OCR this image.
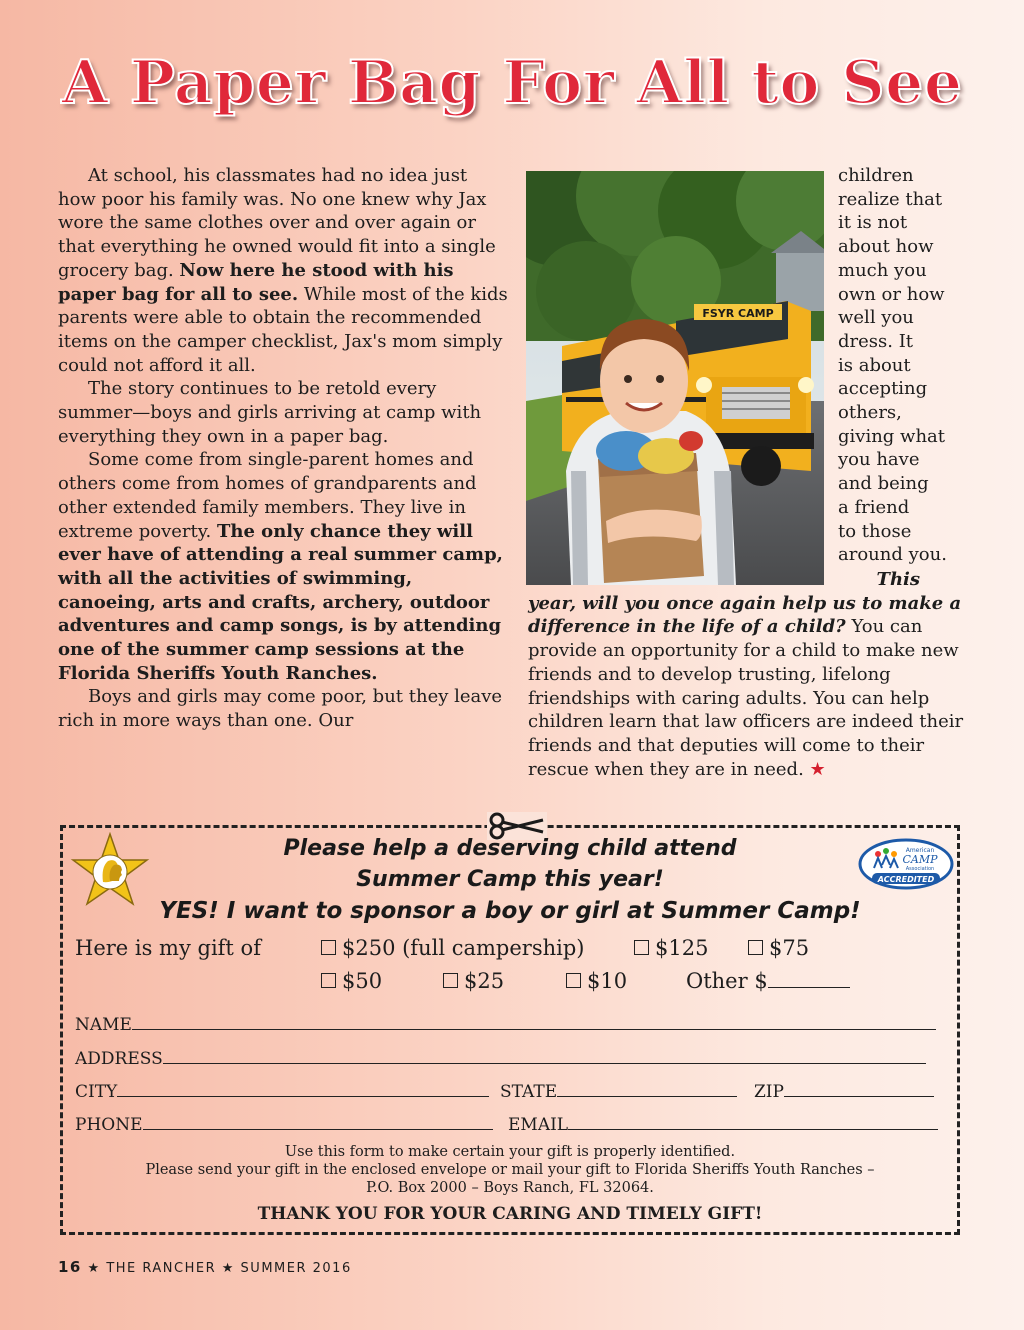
A Paper Bag For All to See

At school, his classmates had no idea just how poor his family was. No one knew why Jax wore the same clothes over and over again or that everything he owned would fit into a single grocery bag. Now here he stood with his paper bag for all to see. While most of the kids parents were able to obtain the recommended items on the camper checklist, Jax's mom simply could not afford it all.

The story continues to be retold every summer—boys and girls arriving at camp with everything they own in a paper bag.

Some come from single-parent homes and others come from homes of grandparents and other extended family members. They live in extreme poverty. The only chance they will ever have of attending a real summer camp, with all the activities of swimming, canoeing, arts and crafts, archery, outdoor adventures and camp songs, is by attending one of the summer camp sessions at the Florida Sheriffs Youth Ranches.

Boys and girls may come poor, but they leave rich in more ways than one. Our

FSYR CAMP
children
realize that
it is not
about how
much you
own or how
well you
dress. It
is about
accepting
others,
giving what
you have
and being
a friend
to those
around you.

This

year, will you once again help us to make a difference in the life of a child? You can provide an opportunity for a child to make new friends and to develop trusting, lifelong friendships with caring adults. You can help children learn that law officers are indeed their friends and that deputies will come to their rescue when they are in need. ★

American
CAMP
Association
ACCREDITED
Please help a deserving child attend
Summer Camp this year!
YES! I want to sponsor a boy or girl at Summer Camp!
Here is my gift of	$250 (full campership)	$125	$75
$50	$25	$10	Other $
NAME
ADDRESS
CITY	STATE	ZIP
PHONE	EMAIL
Use this form to make certain your gift is properly identified.
Please send your gift in the enclosed envelope or mail your gift to Florida Sheriffs Youth Ranches –
P.O. Box 2000 – Boys Ranch, FL 32064.
THANK YOU FOR YOUR CARING AND TIMELY GIFT!
16 ★ THE RANCHER ★ SUMMER 2016
